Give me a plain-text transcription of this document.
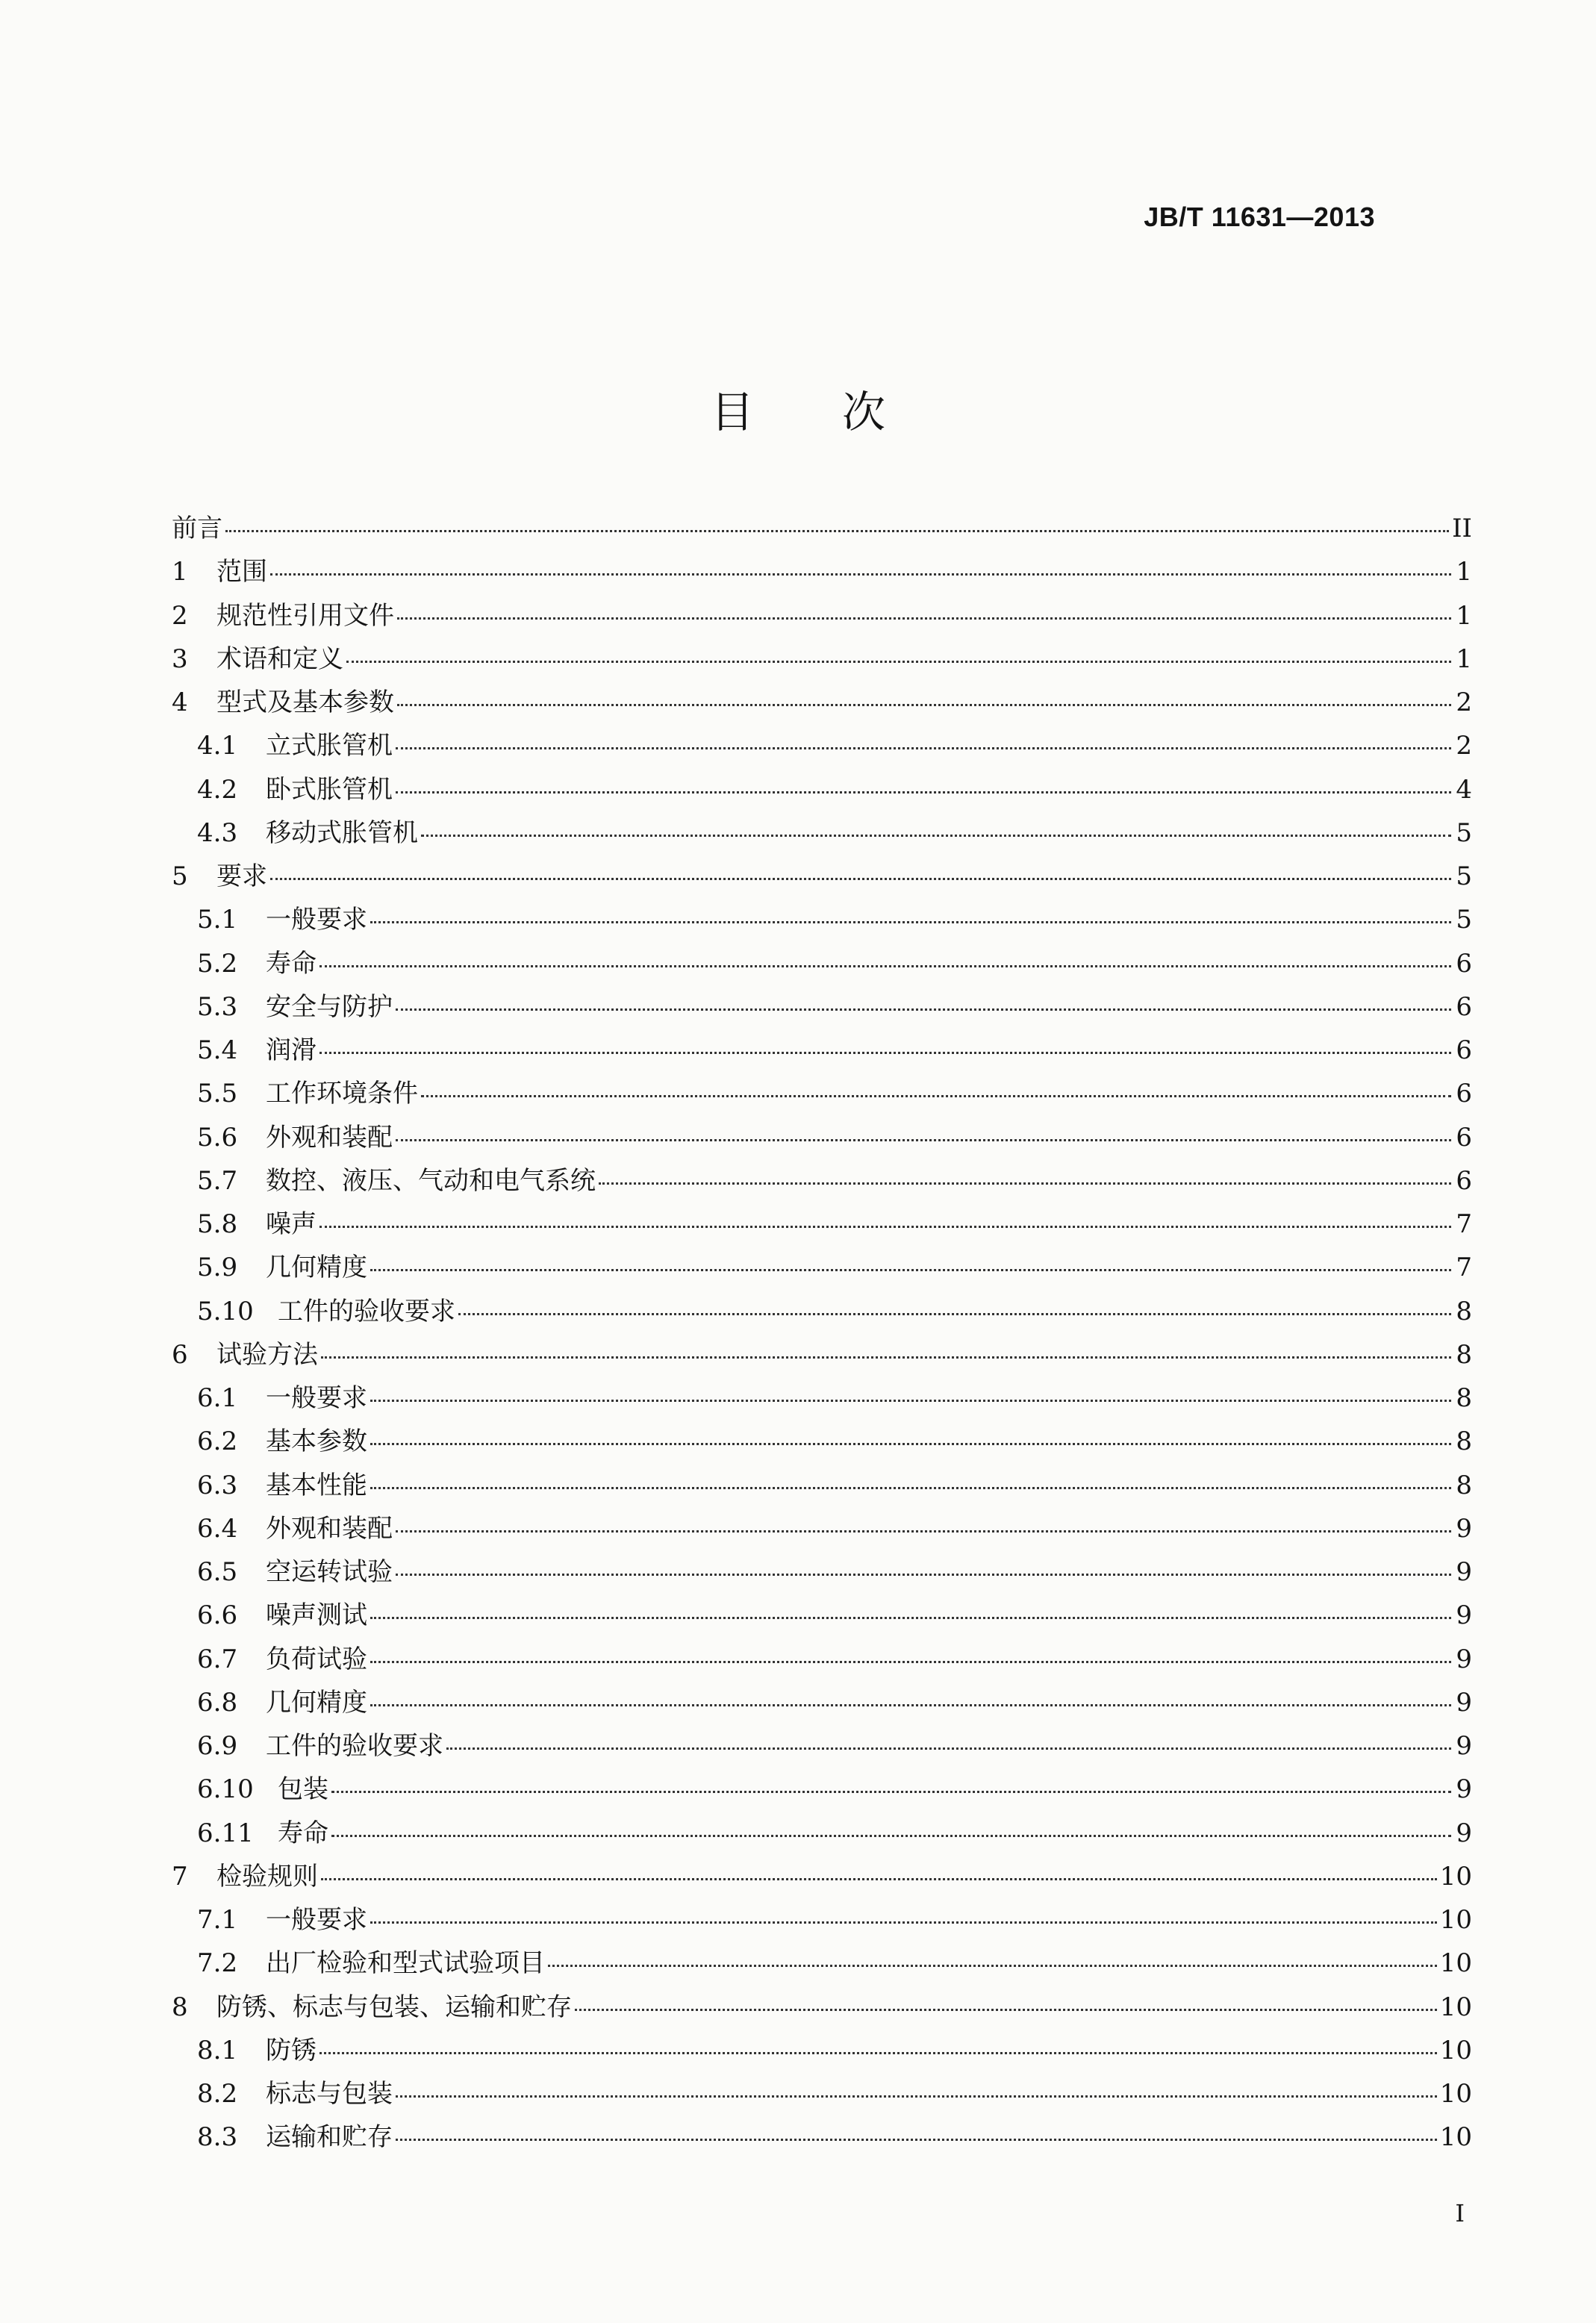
JB/T 11631—2013
目次
前言	II
1	范围	1
2	规范性引用文件	1
3	术语和定义	1
4	型式及基本参数	2
4.1	立式胀管机	2
4.2	卧式胀管机	4
4.3	移动式胀管机	5
5	要求	5
5.1	一般要求	5
5.2	寿命	6
5.3	安全与防护	6
5.4	润滑	6
5.5	工作环境条件	6
5.6	外观和装配	6
5.7	数控、液压、气动和电气系统	6
5.8	噪声	7
5.9	几何精度	7
5.10 工件的验收要求	8
6	试验方法	8
6.1	一般要求	8
6.2	基本参数	8
6.3	基本性能	8
6.4	外观和装配	9
6.5	空运转试验	9
6.6	噪声测试	9
6.7	负荷试验	9
6.8	几何精度	9
6.9	工件的验收要求	9
6.10 包装	9
6.11 寿命	9
7	检验规则	10
7.1	一般要求	10
7.2	出厂检验和型式试验项目	10
8	防锈、标志与包装、运输和贮存	10
8.1	防锈	10
8.2	标志与包装	10
8.3	运输和贮存	10
I
